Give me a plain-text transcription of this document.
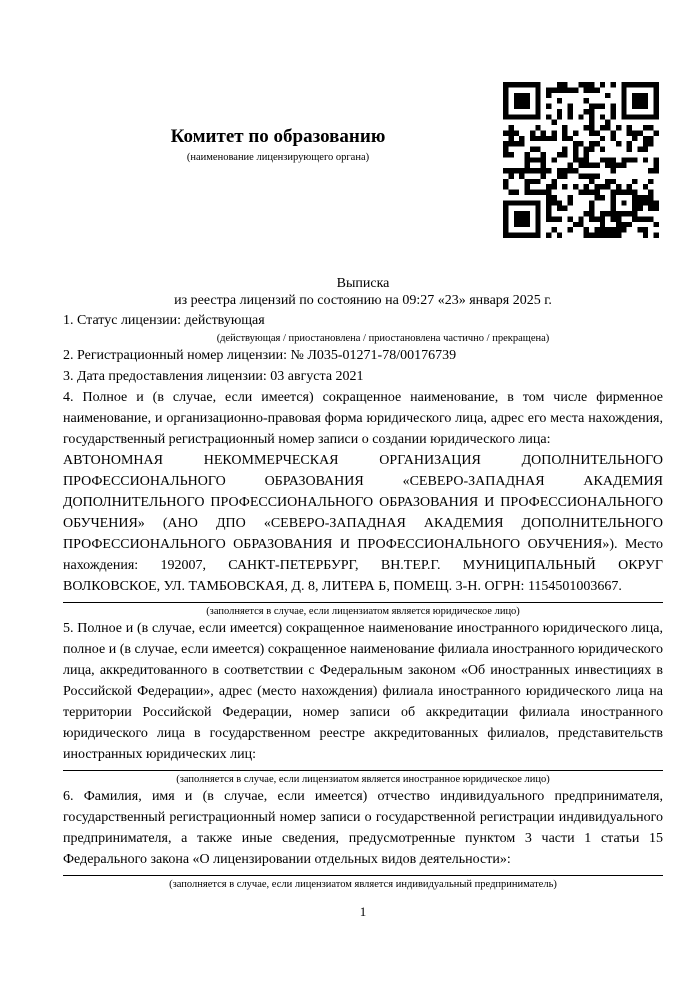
Комитет по образованию
(наименование лицензирующего органа)
Выписка
из реестра лицензий по состоянию на 09:27 «23» января 2025 г.

1. Статус лицензии: действующая

(действующая / приостановлена / приостановлена частично / прекращена)

2. Регистрационный номер лицензии: № Л035-01271-78/00176739

3. Дата предоставления лицензии: 03 августа 2021

4. Полное и (в случае, если имеется) сокращенное наименование, в том числе фирменное наименование, и организационно-правовая форма юридического лица, адрес его места нахождения, государственный регистрационный номер записи о создании юридического лица:

АВТОНОМНАЯ НЕКОММЕРЧЕСКАЯ ОРГАНИЗАЦИЯ ДОПОЛНИТЕЛЬНОГО ПРОФЕССИОНАЛЬНОГО ОБРАЗОВАНИЯ «СЕВЕРО-ЗАПАДНАЯ АКАДЕМИЯ ДОПОЛНИТЕЛЬНОГО ПРОФЕССИОНАЛЬНОГО ОБРАЗОВАНИЯ И ПРОФЕССИОНАЛЬНОГО ОБУЧЕНИЯ» (АНО ДПО «СЕВЕРО-ЗАПАДНАЯ АКАДЕМИЯ ДОПОЛНИТЕЛЬНОГО ПРОФЕССИОНАЛЬНОГО ОБРАЗОВАНИЯ И ПРОФЕССИОНАЛЬНОГО ОБУЧЕНИЯ»). Место нахождения: 192007, САНКТ-ПЕТЕРБУРГ, ВН.ТЕР.Г. МУНИЦИПАЛЬНЫЙ ОКРУГ ВОЛКОВСКОЕ, УЛ. ТАМБОВСКАЯ, Д. 8, ЛИТЕРА Б, ПОМЕЩ. 3-Н. ОГРН: 1154501003667.

(заполняется в случае, если лицензиатом является юридическое лицо)

5. Полное и (в случае, если имеется) сокращенное наименование иностранного юридического лица, полное и (в случае, если имеется) сокращенное наименование филиала иностранного юридического лица, аккредитованного в соответствии с Федеральным законом «Об иностранных инвестициях в Российской Федерации», адрес (место нахождения) филиала иностранного юридического лица на территории Российской Федерации, номер записи об аккредитации филиала иностранного юридического лица в государственном реестре аккредитованных филиалов, представительств иностранных юридических лиц:

(заполняется в случае, если лицензиатом является иностранное юридическое лицо)

6. Фамилия, имя и (в случае, если имеется) отчество индивидуального предпринимателя, государственный регистрационный номер записи о государственной регистрации индивидуального предпринимателя, а также иные сведения, предусмотренные пунктом 3 части 1 статьи 15 Федерального закона «О лицензировании отдельных видов деятельности»:

(заполняется в случае, если лицензиатом является индивидуальный предприниматель)
1
